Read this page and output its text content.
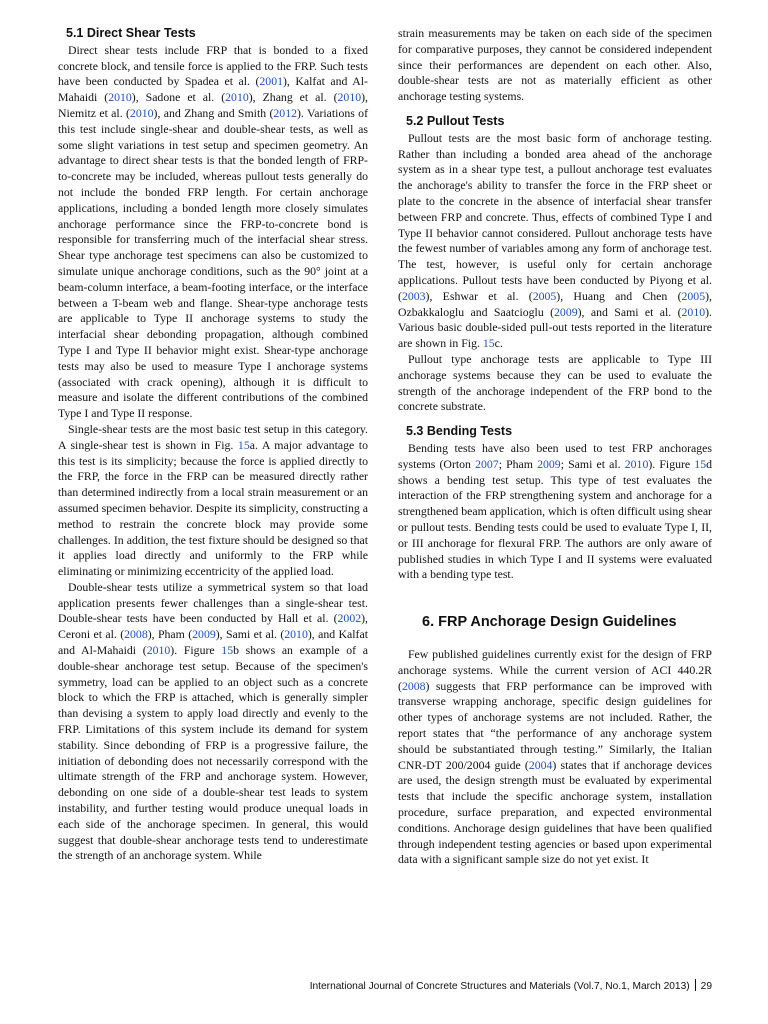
5.1 Direct Shear Tests

Direct shear tests include FRP that is bonded to a fixed concrete block, and tensile force is applied to the FRP. Such tests have been conducted by Spadea et al. (2001), Kalfat and Al-Mahaidi (2010), Sadone et al. (2010), Zhang et al. (2010), Niemitz et al. (2010), and Zhang and Smith (2012). Variations of this test include single-shear and double-shear tests, as well as some slight variations in test setup and specimen geometry. An advantage to direct shear tests is that the bonded length of FRP-to-concrete may be included, whereas pullout tests generally do not include the bonded FRP length. For certain anchorage applications, including a bonded length more closely simulates anchorage performance since the FRP-to-concrete bond is responsible for transferring much of the interfacial shear stress. Shear type anchorage test specimens can also be customized to simulate unique anchorage conditions, such as the 90° joint at a beam-column interface, a beam-footing interface, or the interface between a T-beam web and flange. Shear-type anchorage tests are applicable to Type II anchorage systems to study the interfacial shear debonding propagation, although combined Type I and Type II behavior might exist. Shear-type anchorage tests may also be used to measure Type I anchorage systems (associated with crack opening), although it is difficult to measure and isolate the different contributions of the combined Type I and Type II response.

Single-shear tests are the most basic test setup in this category. A single-shear test is shown in Fig. 15a. A major advantage to this test is its simplicity; because the force is applied directly to the FRP, the force in the FRP can be measured directly rather than determined indirectly from a local strain measurement or an assumed specimen behavior. Despite its simplicity, constructing a method to restrain the concrete block may provide some challenges. In addition, the test fixture should be designed so that it applies load directly and uniformly to the FRP while eliminating or minimizing eccentricity of the applied load.

Double-shear tests utilize a symmetrical system so that load application presents fewer challenges than a single-shear test. Double-shear tests have been conducted by Hall et al. (2002), Ceroni et al. (2008), Pham (2009), Sami et al. (2010), and Kalfat and Al-Mahaidi (2010). Figure 15b shows an example of a double-shear anchorage test setup. Because of the specimen's symmetry, load can be applied to an object such as a concrete block to which the FRP is attached, which is generally simpler than devising a system to apply load directly and evenly to the FRP. Limitations of this system include its demand for system stability. Since debonding of FRP is a progressive failure, the initiation of debonding does not necessarily correspond with the ultimate strength of the FRP and anchorage system. However, debonding on one side of a double-shear test leads to system instability, and further testing would produce unequal loads in each side of the anchorage specimen. In general, this would suggest that double-shear anchorage tests tend to underestimate the strength of an anchorage system. While

strain measurements may be taken on each side of the specimen for comparative purposes, they cannot be considered independent since their performances are dependent on each other. Also, double-shear tests are not as materially efficient as other anchorage testing systems.

5.2 Pullout Tests

Pullout tests are the most basic form of anchorage testing. Rather than including a bonded area ahead of the anchorage system as in a shear type test, a pullout anchorage test evaluates the anchorage's ability to transfer the force in the FRP sheet or plate to the concrete in the absence of interfacial shear transfer between FRP and concrete. Thus, effects of combined Type I and Type II behavior cannot considered. Pullout anchorage tests have the fewest number of variables among any form of anchorage test. The test, however, is useful only for certain anchorage applications. Pullout tests have been conducted by Piyong et al. (2003), Eshwar et al. (2005), Huang and Chen (2005), Ozbakkaloglu and Saatcioglu (2009), and Sami et al. (2010). Various basic double-sided pull-out tests reported in the literature are shown in Fig. 15c.

Pullout type anchorage tests are applicable to Type III anchorage systems because they can be used to evaluate the strength of the anchorage independent of the FRP bond to the concrete substrate.

5.3 Bending Tests

Bending tests have also been used to test FRP anchorages systems (Orton 2007; Pham 2009; Sami et al. 2010). Figure 15d shows a bending test setup. This type of test evaluates the interaction of the FRP strengthening system and anchorage for a strengthened beam application, which is often difficult using shear or pullout tests. Bending tests could be used to evaluate Type I, II, or III anchorage for flexural FRP. The authors are only aware of published studies in which Type I and II systems were evaluated with a bending type test.

6. FRP Anchorage Design Guidelines

Few published guidelines currently exist for the design of FRP anchorage systems. While the current version of ACI 440.2R (2008) suggests that FRP performance can be improved with transverse wrapping anchorage, specific design guidelines for other types of anchorage systems are not included. Rather, the report states that “the performance of any anchorage system should be substantiated through testing.” Similarly, the Italian CNR-DT 200/2004 guide (2004) states that if anchorage devices are used, the design strength must be evaluated by experimental tests that include the specific anchorage system, installation procedure, surface preparation, and expected environmental conditions. Anchorage design guidelines that have been qualified through independent testing agencies or based upon experimental data with a significant sample size do not yet exist. It

International Journal of Concrete Structures and Materials (Vol.7, No.1, March 2013) 29
